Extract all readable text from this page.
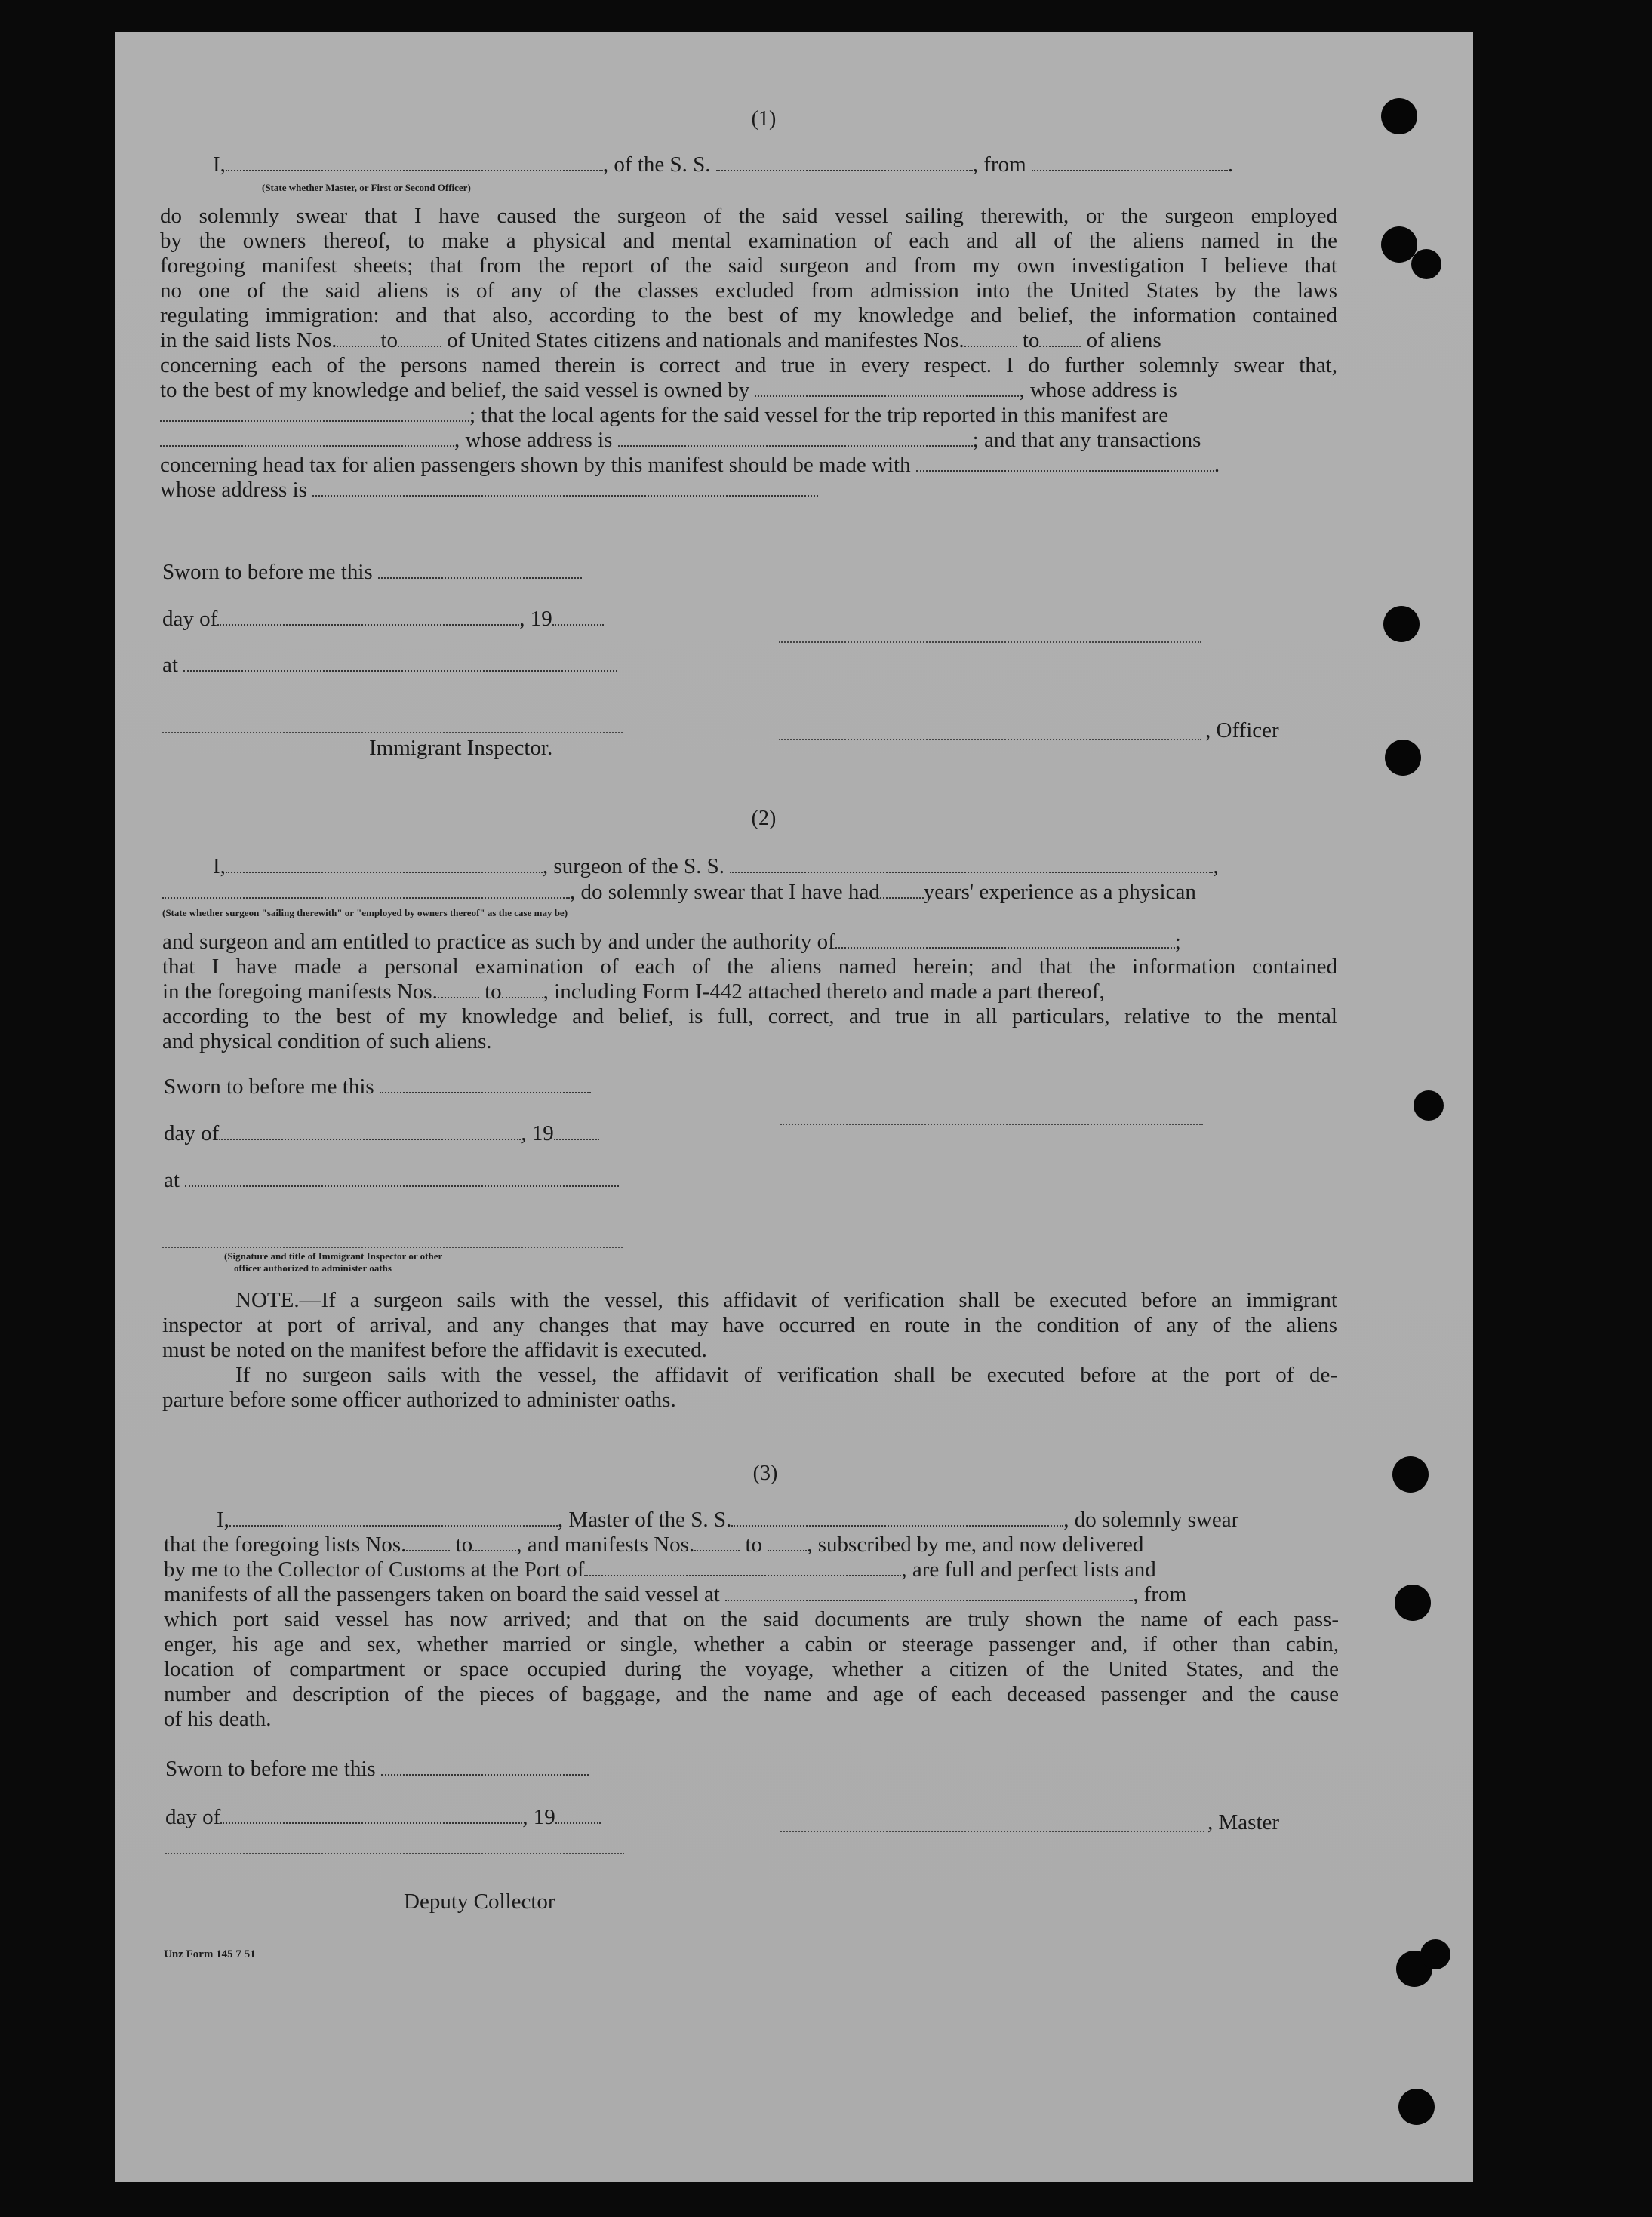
(1)
I,	, of the S. S.	, from	.
(State whether Master, or First or Second Officer)
do solemnly swear that I have caused the surgeon of the said vessel sailing therewith, or the surgeon employed
by the owners thereof, to make a physical and mental examination of each and all of the aliens named in the
foregoing manifest sheets; that from the report of the said surgeon and from my own investigation I believe that
no one of the said aliens is of any of the classes excluded from admission into the United States by the laws
regulating immigration: and that also, according to the best of my knowledge and belief, the information contained
in the said lists Nos. to of United States citizens and nationals and manifestes Nos.	to of aliens
concerning each of the persons named therein is correct and true in every respect. I do further solemnly swear that,
to the best of my knowledge and belief, the said vessel is owned by	, whose address is
; that the local agents for the said vessel for the trip reported in this manifest are
, whose address is	; and that any transactions
concerning head tax for alien passengers shown by this manifest should be made with	.
whose address is
Sworn to before me this
day of	, 19
at
, Officer
Immigrant Inspector.
(2)
I,	, surgeon of the S. S.	,
, do solemnly swear that I have had years' experience as a physican
(State whether surgeon "sailing therewith" or "employed by owners thereof" as the case may be)
and surgeon and am entitled to practice as such by and under the authority of	;
that I have made a personal examination of each of the aliens named herein; and that the information contained
in the foregoing manifests Nos. to , including Form I-442 attached thereto and made a part thereof,
according to the best of my knowledge and belief, is full, correct, and true in all particulars, relative to the mental
and physical condition of such aliens.
Sworn to before me this
day of	, 19
at
(Signature and title of Immigrant Inspector or other
officer authorized to administer oaths
NOTE.—If a surgeon sails with the vessel, this affidavit of verification shall be executed before an immigrant
inspector at port of arrival, and any changes that may have occurred en route in the condition of any of the aliens
must be noted on the manifest before the affidavit is executed.
If no surgeon sails with the vessel, the affidavit of verification shall be executed before at the port of de-
parture before some officer authorized to administer oaths.
(3)
I,	, Master of the S. S.	, do solemnly swear
that the foregoing lists Nos. to , and manifests Nos. to , subscribed by me, and now delivered
by me to the Collector of Customs at the Port of	, are full and perfect lists and
manifests of all the passengers taken on board the said vessel at	, from
which port said vessel has now arrived; and that on the said documents are truly shown the name of each pass-
enger, his age and sex, whether married or single, whether a cabin or steerage passenger and, if other than cabin,
location of compartment or space occupied during the voyage, whether a citizen of the United States, and the
number and description of the pieces of baggage, and the name and age of each deceased passenger and the cause
of his death.
Sworn to before me this
day of	, 19	, Master
Deputy Collector
Unz Form 145 7 51
